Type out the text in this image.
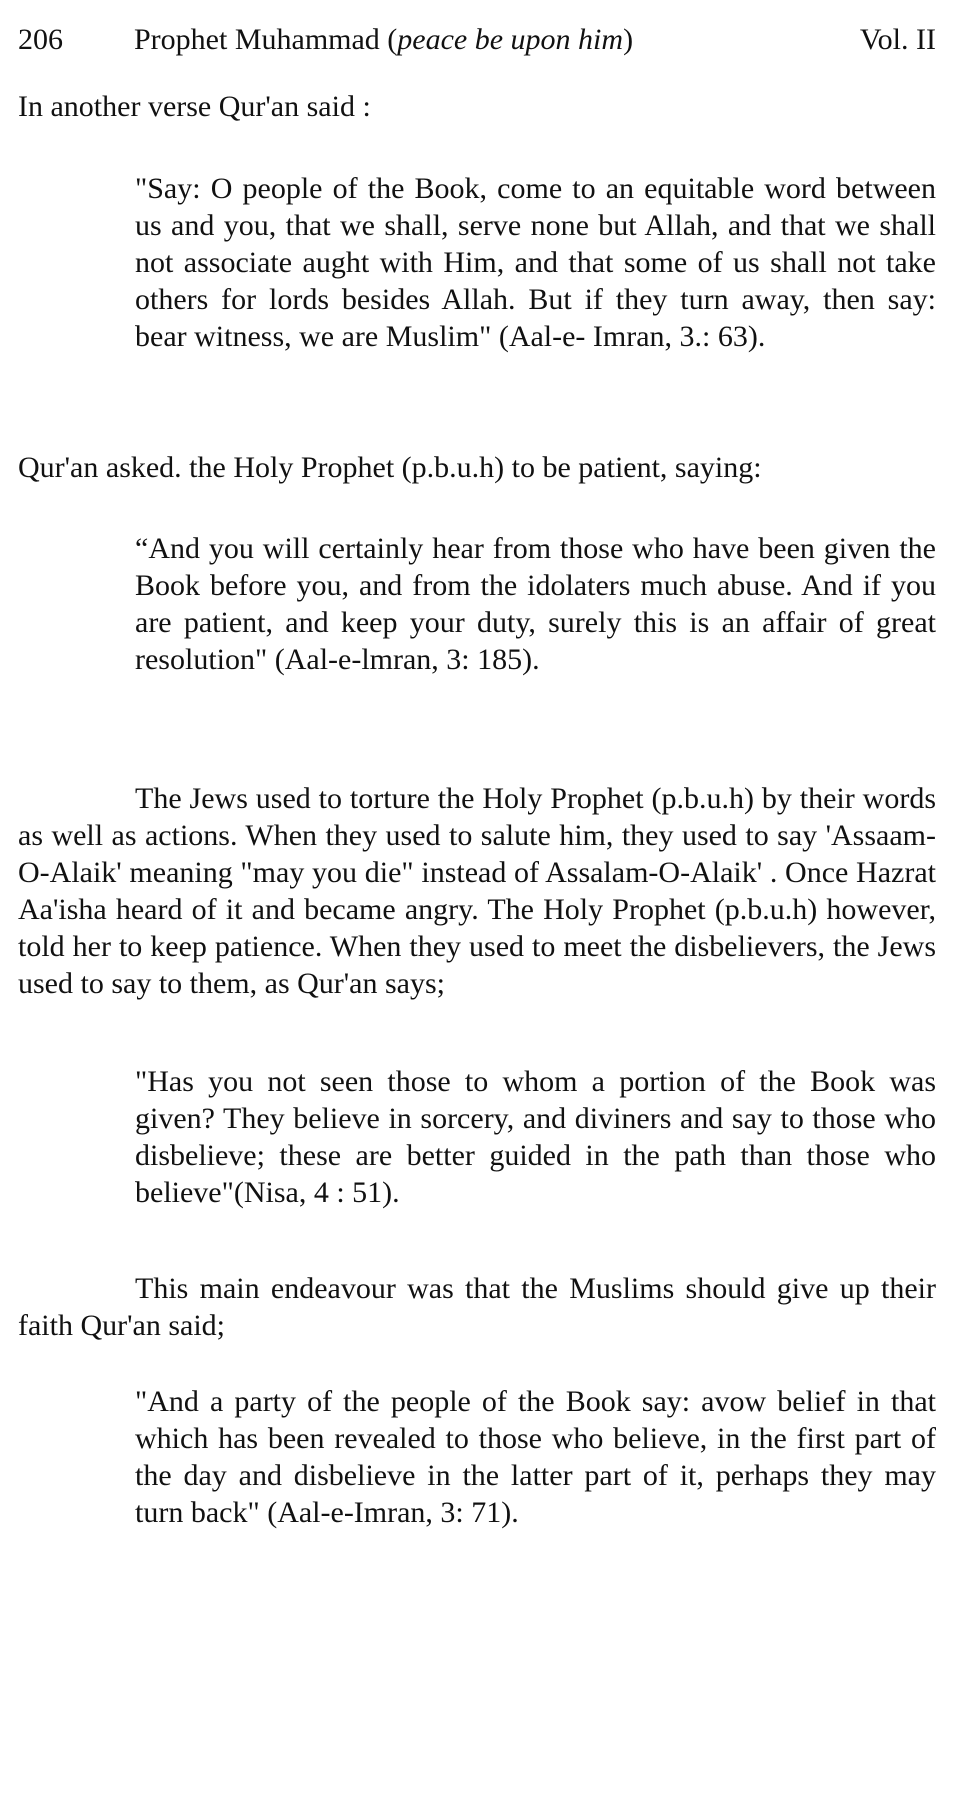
206 Prophet Muhammad (peace be upon him)	Vol. II

In another verse Qur'an said :

"Say: O people of the Book, come to an equitable word between us and you, that we shall, serve none but Allah, and that we shall not associate aught with Him, and that some of us shall not take others for lords besides Allah. But if they turn away, then say: bear witness, we are Muslim" (Aal-e- Imran, 3.: 63).

Qur'an asked. the Holy Prophet (p.b.u.h) to be patient, saying:

“And you will certainly hear from those who have been given the Book before you, and from the idolaters much abuse. And if you are patient, and keep your duty, surely this is an affair of great resolution" (Aal-e-lmran, 3: 185).

The Jews used to torture the Holy Prophet (p.b.u.h) by their words as well as actions. When they used to salute him, they used to say 'Assaam-O-Alaik' meaning "may you die" instead of Assalam-O-Alaik' . Once Hazrat Aa'isha heard of it and became angry. The Holy Prophet (p.b.u.h) however, told her to keep patience. When they used to meet the disbelievers, the Jews used to say to them, as Qur'an says;

"Has you not seen those to whom a portion of the Book was given? They believe in sorcery, and diviners and say to those who disbelieve; these are better guided in the path than those who believe"(Nisa, 4 : 51).

This main endeavour was that the Muslims should give up their faith Qur'an said;

"And a party of the people of the Book say: avow belief in that which has been revealed to those who believe, in the first part of the day and disbelieve in the latter part of it, perhaps they may turn back" (Aal-e-Imran, 3: 71).
